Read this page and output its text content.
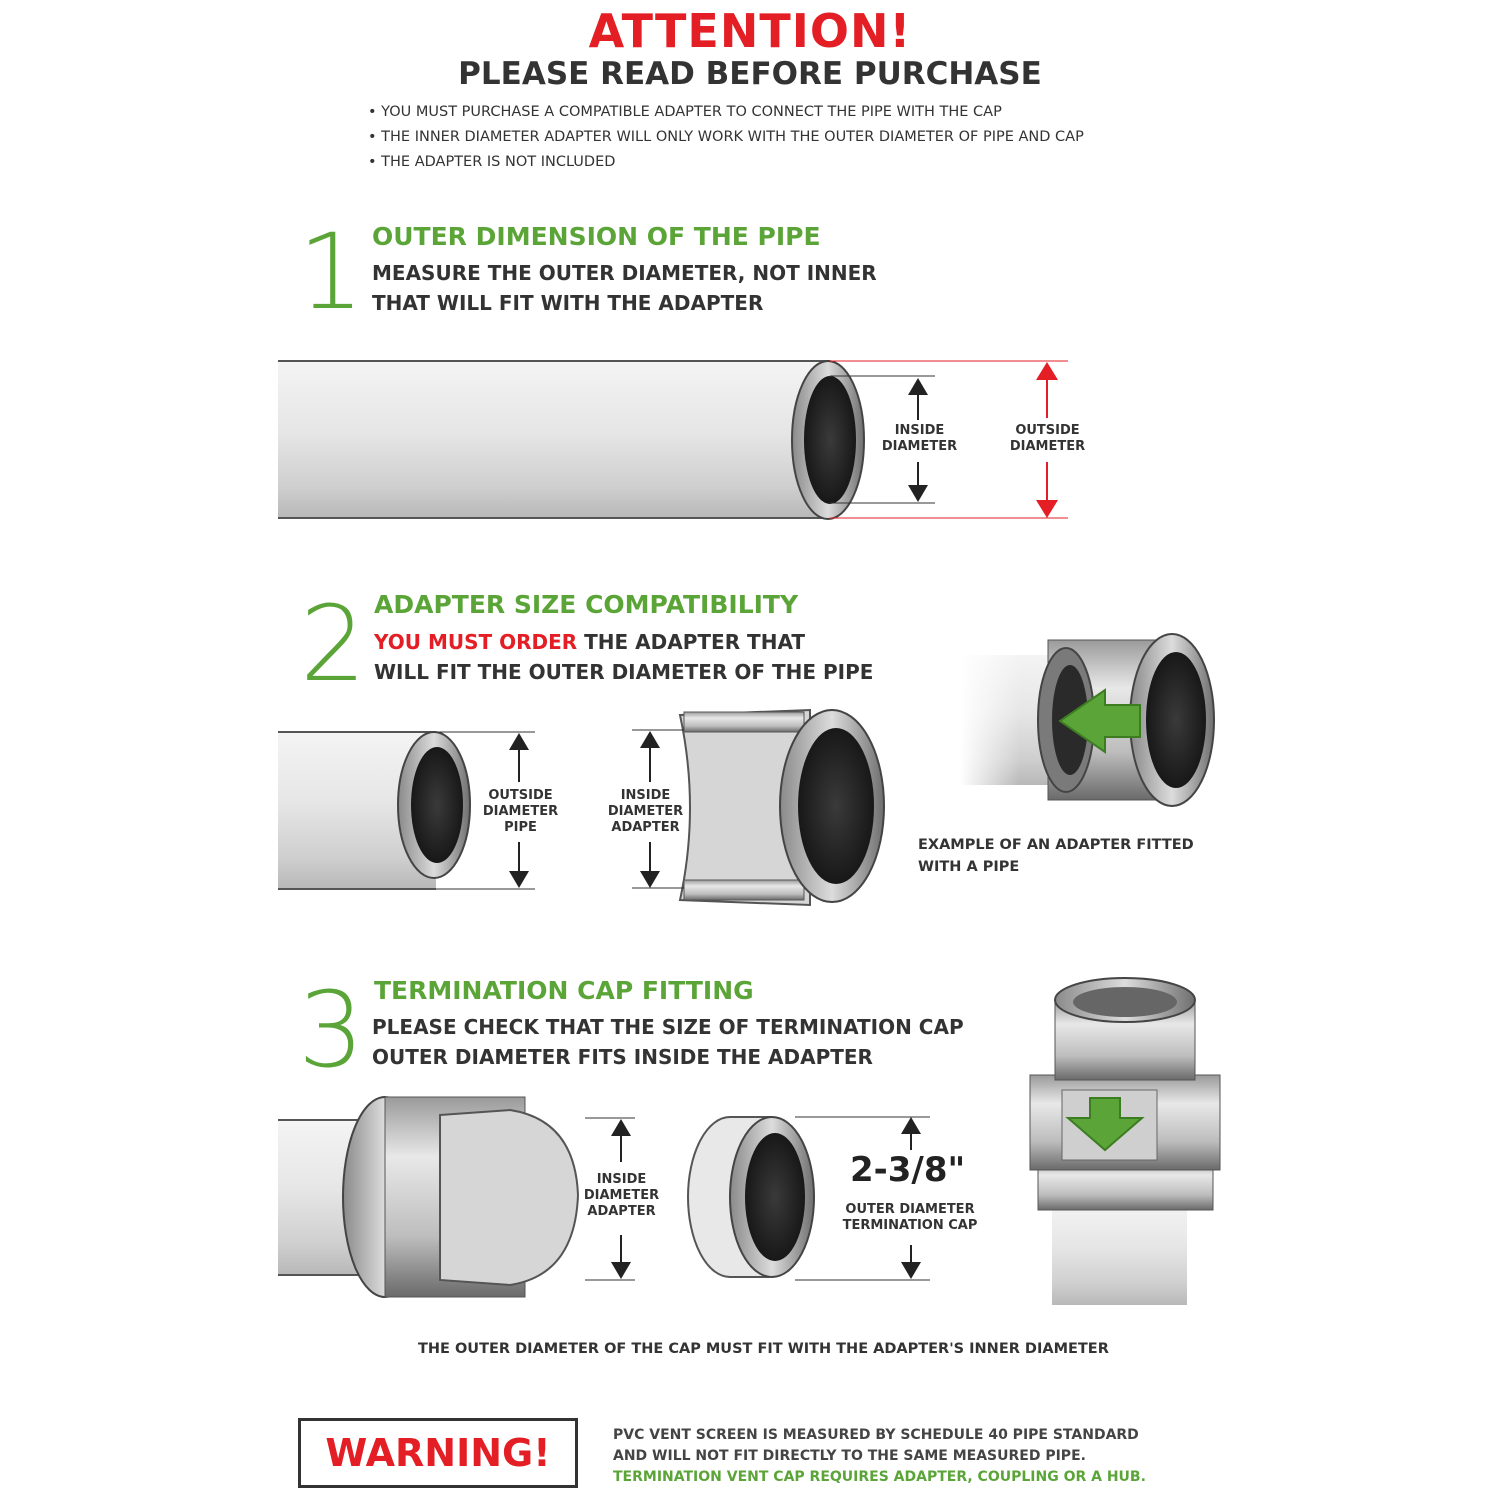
ATTENTION!
PLEASE READ BEFORE PURCHASE
• YOU MUST PURCHASE A COMPATIBLE ADAPTER TO CONNECT THE PIPE WITH THE CAP
• THE INNER DIAMETER ADAPTER WILL ONLY WORK WITH THE OUTER DIAMETER OF PIPE AND CAP
• THE ADAPTER IS NOT INCLUDED
1 OUTER DIMENSION OF THE PIPE
MEASURE THE OUTER DIAMETER, NOT INNER
THAT WILL FIT WITH THE ADAPTER
INSIDE
DIAMETER
OUTSIDE
DIAMETER
2 ADAPTER SIZE COMPATIBILITY
YOU MUST ORDER THE ADAPTER THAT
WILL FIT THE OUTER DIAMETER OF THE PIPE
OUTSIDE
DIAMETER
PIPE
INSIDE
DIAMETER
ADAPTER
EXAMPLE OF AN ADAPTER FITTED
WITH A PIPE
3 TERMINATION CAP FITTING
PLEASE CHECK THAT THE SIZE OF TERMINATION CAP
OUTER DIAMETER FITS INSIDE THE ADAPTER
INSIDE
DIAMETER
ADAPTER
2-3/8"
OUTER DIAMETER
TERMINATION CAP
THE OUTER DIAMETER OF THE CAP MUST FIT WITH THE ADAPTER'S INNER DIAMETER
WARNING!	PVC VENT SCREEN IS MEASURED BY SCHEDULE 40 PIPE STANDARD
AND WILL NOT FIT DIRECTLY TO THE SAME MEASURED PIPE.
TERMINATION VENT CAP REQUIRES ADAPTER, COUPLING OR A HUB.
